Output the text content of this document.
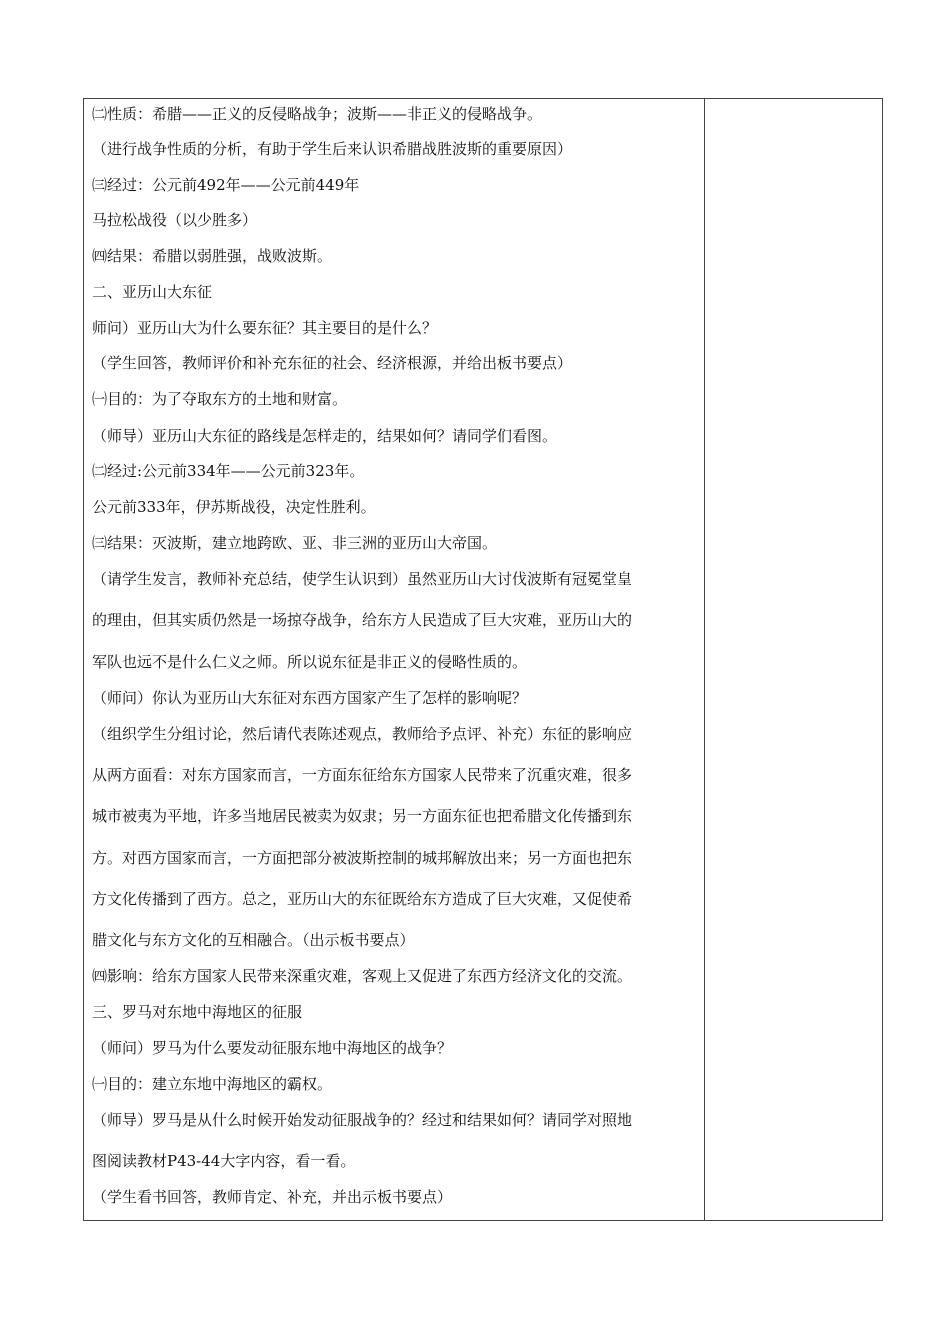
㈡性质：希腊——正义的反侵略战争；波斯——非正义的侵略战争。
（进行战争性质的分析，有助于学生后来认识希腊战胜波斯的重要原因）
㈢经过：公元前492年——公元前449年
马拉松战役（以少胜多）
㈣结果：希腊以弱胜强，战败波斯。
二、亚历山大东征
师问）亚历山大为什么要东征？其主要目的是什么？
（学生回答，教师评价和补充东征的社会、经济根源，并给出板书要点）
㈠目的：为了夺取东方的土地和财富。
（师导）亚历山大东征的路线是怎样走的，结果如何？请同学们看图。
㈡经过:公元前334年——公元前323年。
公元前333年，伊苏斯战役，决定性胜利。
㈢结果：灭波斯，建立地跨欧、亚、非三洲的亚历山大帝国。
（请学生发言，教师补充总结，使学生认识到）虽然亚历山大讨伐波斯有冠冕堂皇
的理由，但其实质仍然是一场掠夺战争，给东方人民造成了巨大灾难，亚历山大的
军队也远不是什么仁义之师。所以说东征是非正义的侵略性质的。
（师问）你认为亚历山大东征对东西方国家产生了怎样的影响呢？
（组织学生分组讨论，然后请代表陈述观点，教师给予点评、补充）东征的影响应
从两方面看：对东方国家而言，一方面东征给东方国家人民带来了沉重灾难，很多
城市被夷为平地，许多当地居民被卖为奴隶；另一方面东征也把希腊文化传播到东
方。对西方国家而言，一方面把部分被波斯控制的城邦解放出来；另一方面也把东
方文化传播到了西方。总之，亚历山大的东征既给东方造成了巨大灾难，又促使希
腊文化与东方文化的互相融合。（出示板书要点）
㈣影响：给东方国家人民带来深重灾难，客观上又促进了东西方经济文化的交流。
三、罗马对东地中海地区的征服
（师问）罗马为什么要发动征服东地中海地区的战争？
㈠目的：建立东地中海地区的霸权。
（师导）罗马是从什么时候开始发动征服战争的？经过和结果如何？请同学对照地
图阅读教材P43-44大字内容，看一看。
（学生看书回答，教师肯定、补充，并出示板书要点）
